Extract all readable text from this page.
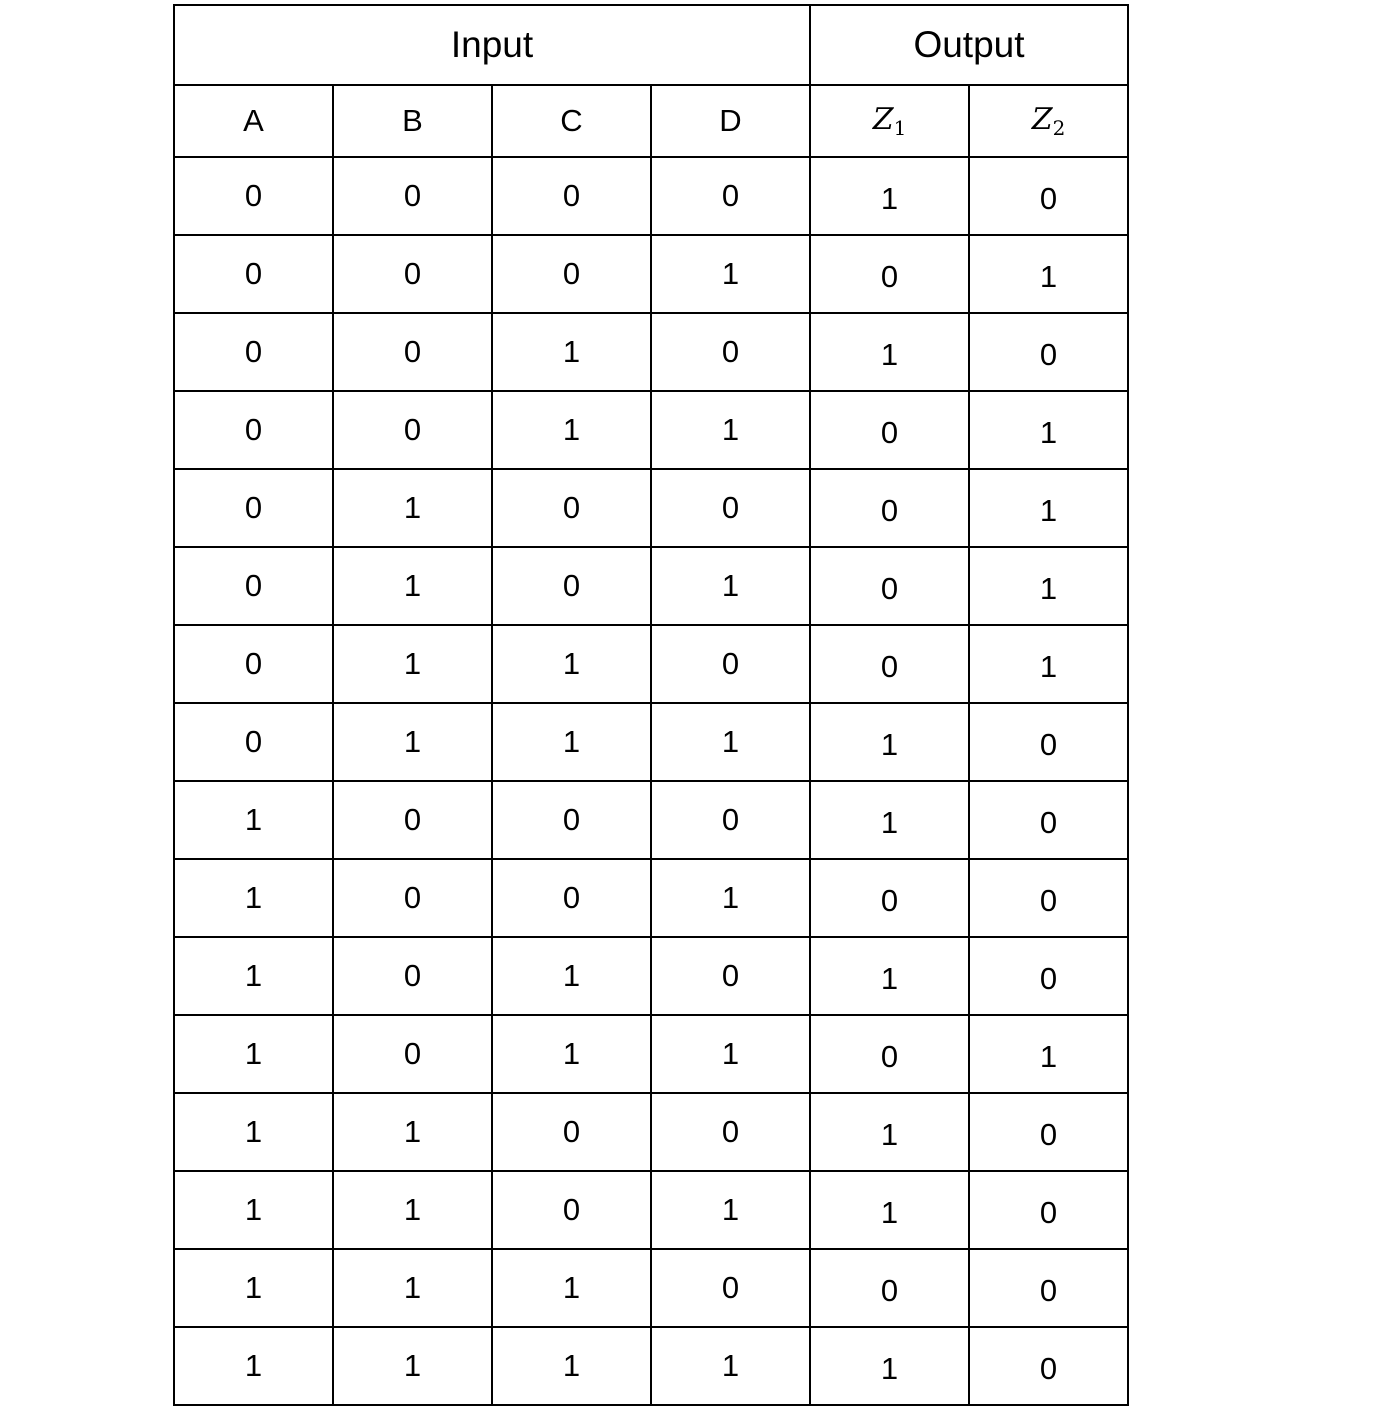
Input				Output	
A	B	C	D	$Z_1$	$Z_2$
0	0	0	0	1	0
0	0	0	1	0	1
0	0	1	0	1	0
0	0	1	1	0	1
0	1	0	0	0	1
0	1	0	1	0	1
0	1	1	0	0	1
0	1	1	1	1	0
1	0	0	0	1	0
1	0	0	1	0	0
1	0	1	0	1	0
1	0	1	1	0	1
1	1	0	0	1	0
1	1	0	1	1	0
1	1	1	0	0	0
1	1	1	1	1	0
